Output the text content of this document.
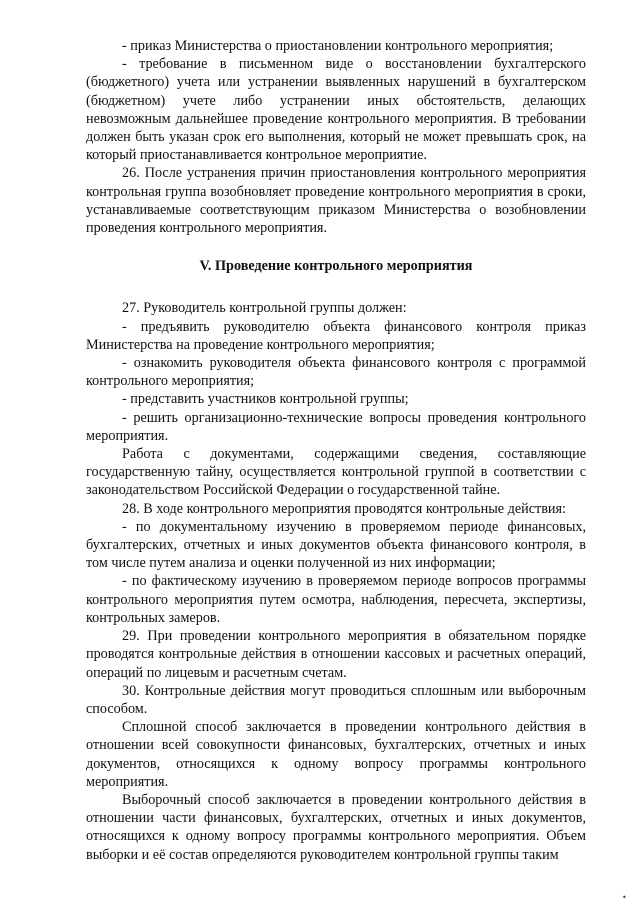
- приказ Министерства о приостановлении контрольного мероприятия;

- требование в письменном виде о восстановлении бухгалтерского (бюджетного) учета или устранении выявленных нарушений в бухгалтерском (бюджетном) учете либо устранении иных обстоятельств, делающих невозможным дальнейшее проведение контрольного мероприятия. В требовании должен быть указан срок его выполнения, который не может превышать срок, на который приостанавливается контрольное мероприятие.

26. После устранения причин приостановления контрольного мероприятия контрольная группа возобновляет проведение контрольного мероприятия в сроки, устанавливаемые соответствующим приказом Министерства о возобновлении проведения контрольного мероприятия.

V. Проведение контрольного мероприятия

27. Руководитель контрольной группы должен:

- предъявить руководителю объекта финансового контроля приказ Министерства на проведение контрольного мероприятия;

- ознакомить руководителя объекта финансового контроля с программой контрольного мероприятия;

- представить участников контрольной группы;

- решить организационно-технические вопросы проведения контрольного мероприятия.

Работа с документами, содержащими сведения, составляющие государственную тайну, осуществляется контрольной группой в соответствии с законодательством Российской Федерации о государственной тайне.

28. В ходе контрольного мероприятия проводятся контрольные действия:

- по документальному изучению в проверяемом периоде финансовых, бухгалтерских, отчетных и иных документов объекта финансового контроля, в том числе путем анализа и оценки полученной из них информации;

- по фактическому изучению в проверяемом периоде вопросов программы контрольного мероприятия путем осмотра, наблюдения, пересчета, экспертизы, контрольных замеров.

29. При проведении контрольного мероприятия в обязательном порядке проводятся контрольные действия в отношении кассовых и расчетных операций, операций по лицевым и расчетным счетам.

30. Контрольные действия могут проводиться сплошным или выборочным способом.

Сплошной способ заключается в проведении контрольного действия в отношении всей совокупности финансовых, бухгалтерских, отчетных и иных документов, относящихся к одному вопросу программы контрольного мероприятия.

Выборочный способ заключается в проведении контрольного действия в отношении части финансовых, бухгалтерских, отчетных и иных документов, относящихся к одному вопросу программы контрольного мероприятия. Объем выборки и её состав определяются руководителем контрольной группы таким

•
